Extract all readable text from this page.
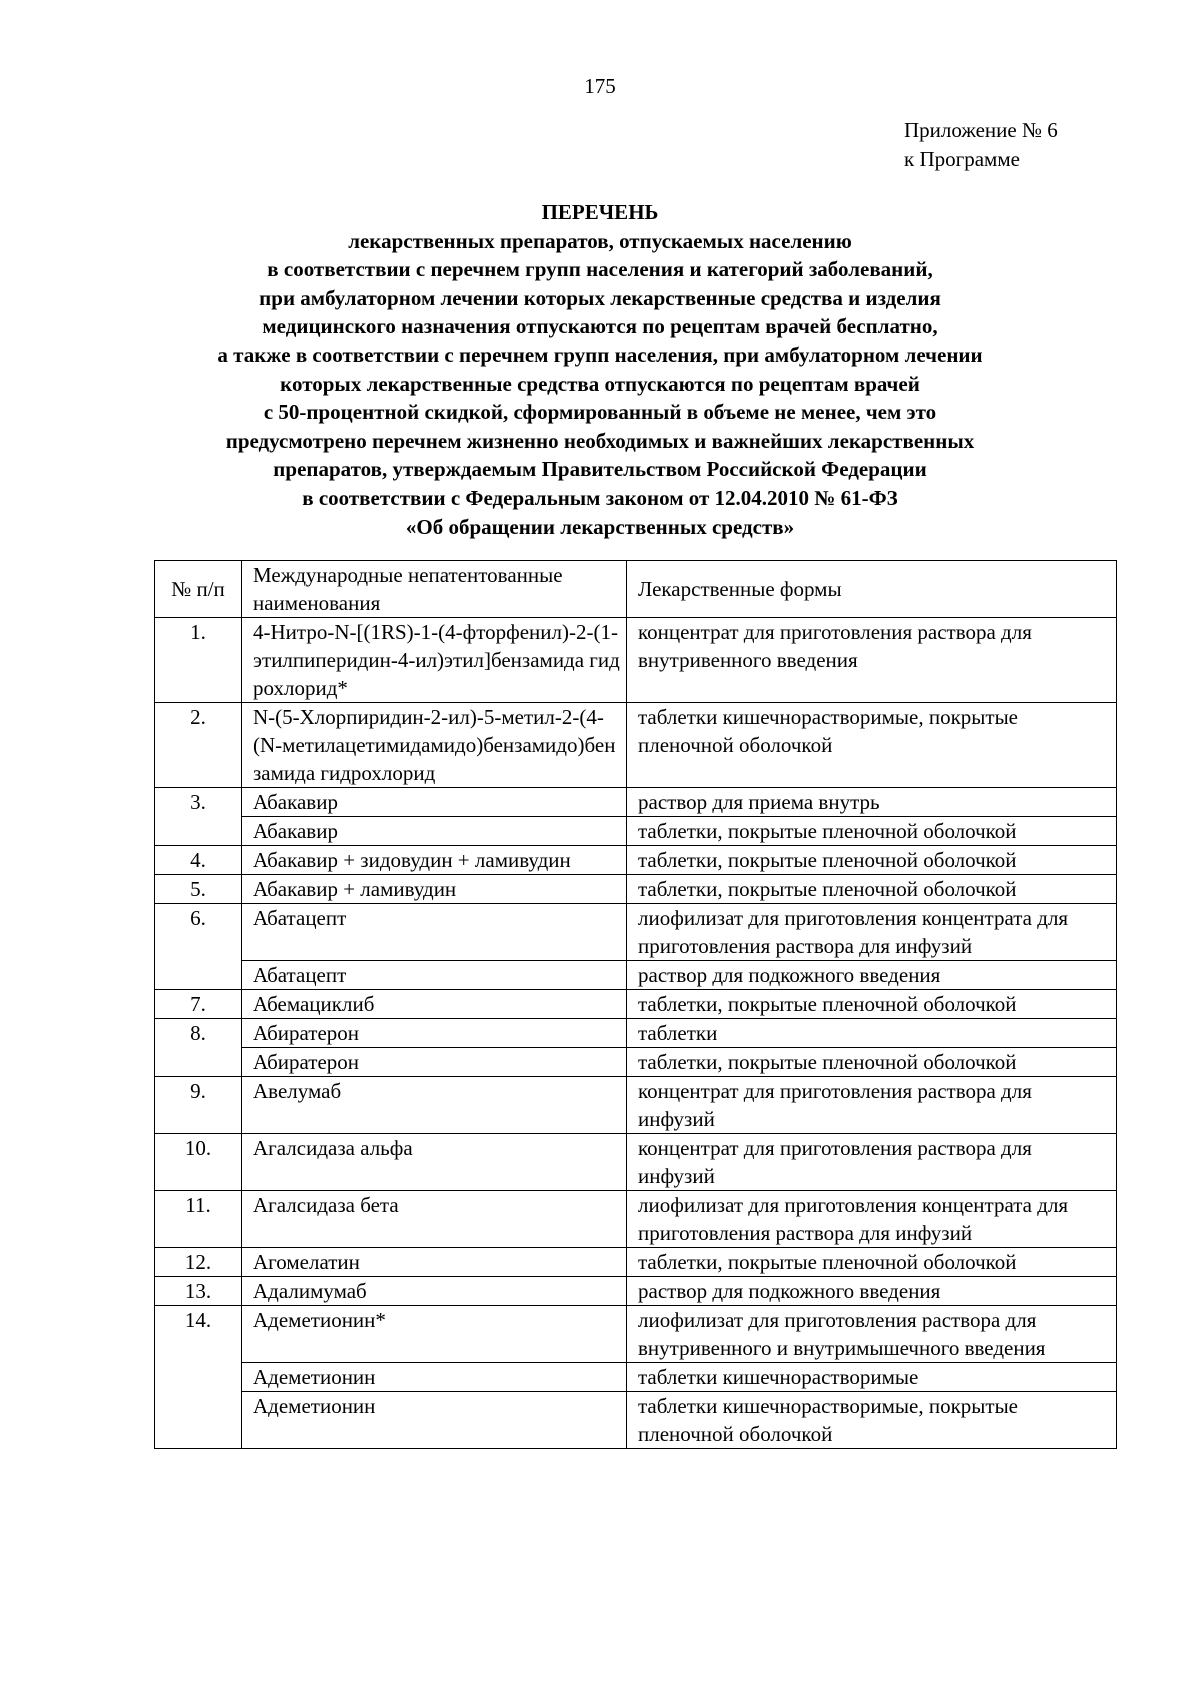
175
Приложение № 6
к Программе
ПЕРЕЧЕНЬ
лекарственных препаратов, отпускаемых населению
в соответствии с перечнем групп населения и категорий заболеваний,
при амбулаторном лечении которых лекарственные средства и изделия
медицинского назначения отпускаются по рецептам врачей бесплатно,
а также в соответствии с перечнем групп населения, при амбулаторном лечении
которых лекарственные средства отпускаются по рецептам врачей
с 50-процентной скидкой, сформированный в объеме не менее, чем это
предусмотрено перечнем жизненно необходимых и важнейших лекарственных
препаратов, утверждаемым Правительством Российской Федерации
в соответствии с Федеральным законом от 12.04.2010 № 61-ФЗ
«Об обращении лекарственных средств»
№ п/п	Международные непатентованные наименования	Лекарственные формы
1.	4-Нитро-N-[(1RS)-1-(4-фторфенил)-2-(1-этилпиперидин-4-ил)этил]бензамида гидрохлорид*	концентрат для приготовления раствора для внутривенного введения
2.	N-(5-Хлорпиридин-2-ил)-5-метил-2-(4-(N-метилацетимидамидо)бензамидо)бензамида гидрохлорид	таблетки кишечнорастворимые, покрытые пленочной оболочкой
3.	Абакавир	раствор для приема внутрь
	Абакавир	таблетки, покрытые пленочной оболочкой
4.	Абакавир + зидовудин + ламивудин	таблетки, покрытые пленочной оболочкой
5.	Абакавир + ламивудин	таблетки, покрытые пленочной оболочкой
6.	Абатацепт	лиофилизат для приготовления концентрата для приготовления раствора для инфузий
	Абатацепт	раствор для подкожного введения
7.	Абемациклиб	таблетки, покрытые пленочной оболочкой
8.	Абиратерон	таблетки
	Абиратерон	таблетки, покрытые пленочной оболочкой
9.	Авелумаб	концентрат для приготовления раствора для инфузий
10.	Агалсидаза альфа	концентрат для приготовления раствора для инфузий
11.	Агалсидаза бета	лиофилизат для приготовления концентрата для приготовления раствора для инфузий
12.	Агомелатин	таблетки, покрытые пленочной оболочкой
13.	Адалимумаб	раствор для подкожного введения
14.	Адеметионин*	лиофилизат для приготовления раствора для внутривенного и внутримышечного введения
	Адеметионин	таблетки кишечнорастворимые
	Адеметионин	таблетки кишечнорастворимые, покрытые пленочной оболочкой
